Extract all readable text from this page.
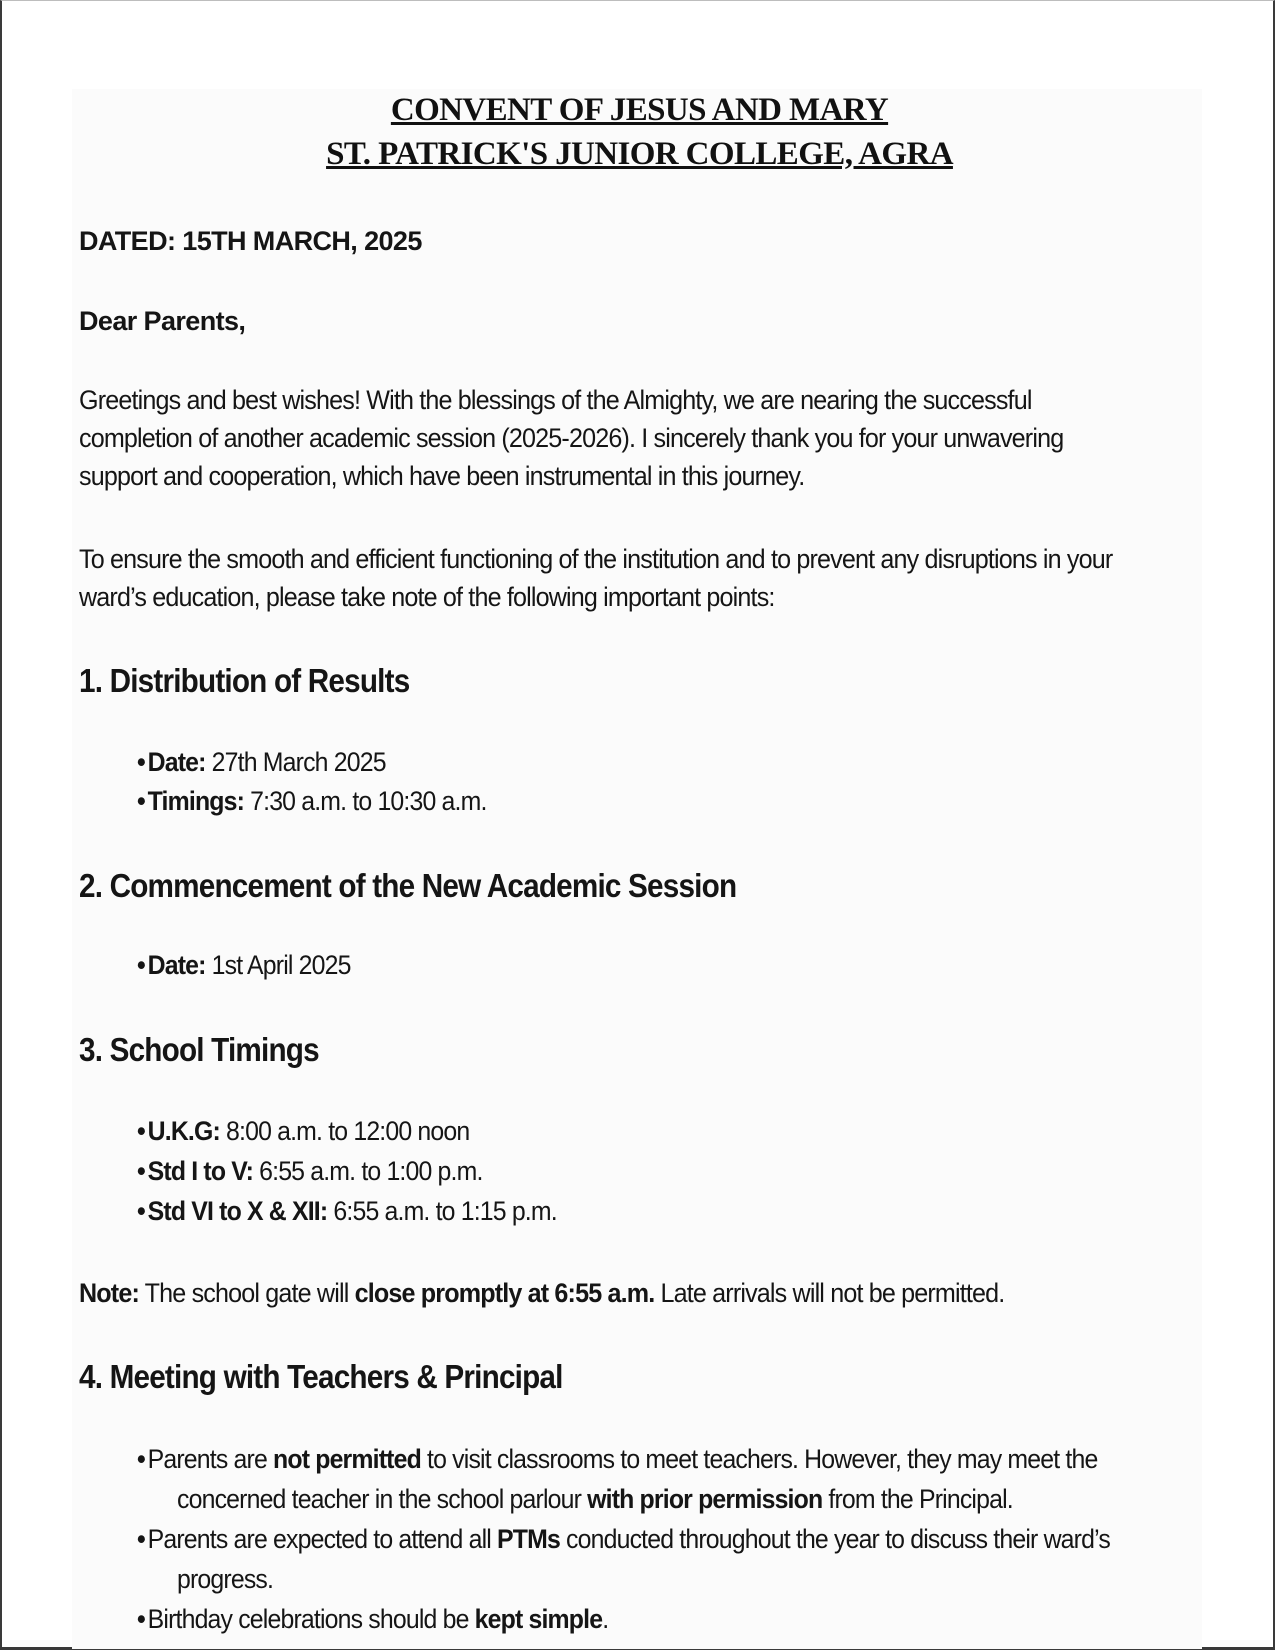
CONVENT OF JESUS AND MARY
ST. PATRICK'S JUNIOR COLLEGE, AGRA
DATED: 15TH MARCH, 2025
Dear Parents,
Greetings and best wishes! With the blessings of the Almighty, we are nearing the successful
completion of another academic session (2025-2026). I sincerely thank you for your unwavering
support and cooperation, which have been instrumental in this journey.
To ensure the smooth and efficient functioning of the institution and to prevent any disruptions in your
ward’s education, please take note of the following important points:
1. Distribution of Results
• Date: 27th March 2025
• Timings: 7:30 a.m. to 10:30 a.m.
2. Commencement of the New Academic Session
• Date: 1st April 2025
3. School Timings
• U.K.G: 8:00 a.m. to 12:00 noon
• Std I to V: 6:55 a.m. to 1:00 p.m.
• Std VI to X & XII: 6:55 a.m. to 1:15 p.m.
Note: The school gate will close promptly at 6:55 a.m. Late arrivals will not be permitted.
4. Meeting with Teachers & Principal
• Parents are not permitted to visit classrooms to meet teachers. However, they may meet the
concerned teacher in the school parlour with prior permission from the Principal.
• Parents are expected to attend all PTMs conducted throughout the year to discuss their ward’s
progress.
• Birthday celebrations should be kept simple.
